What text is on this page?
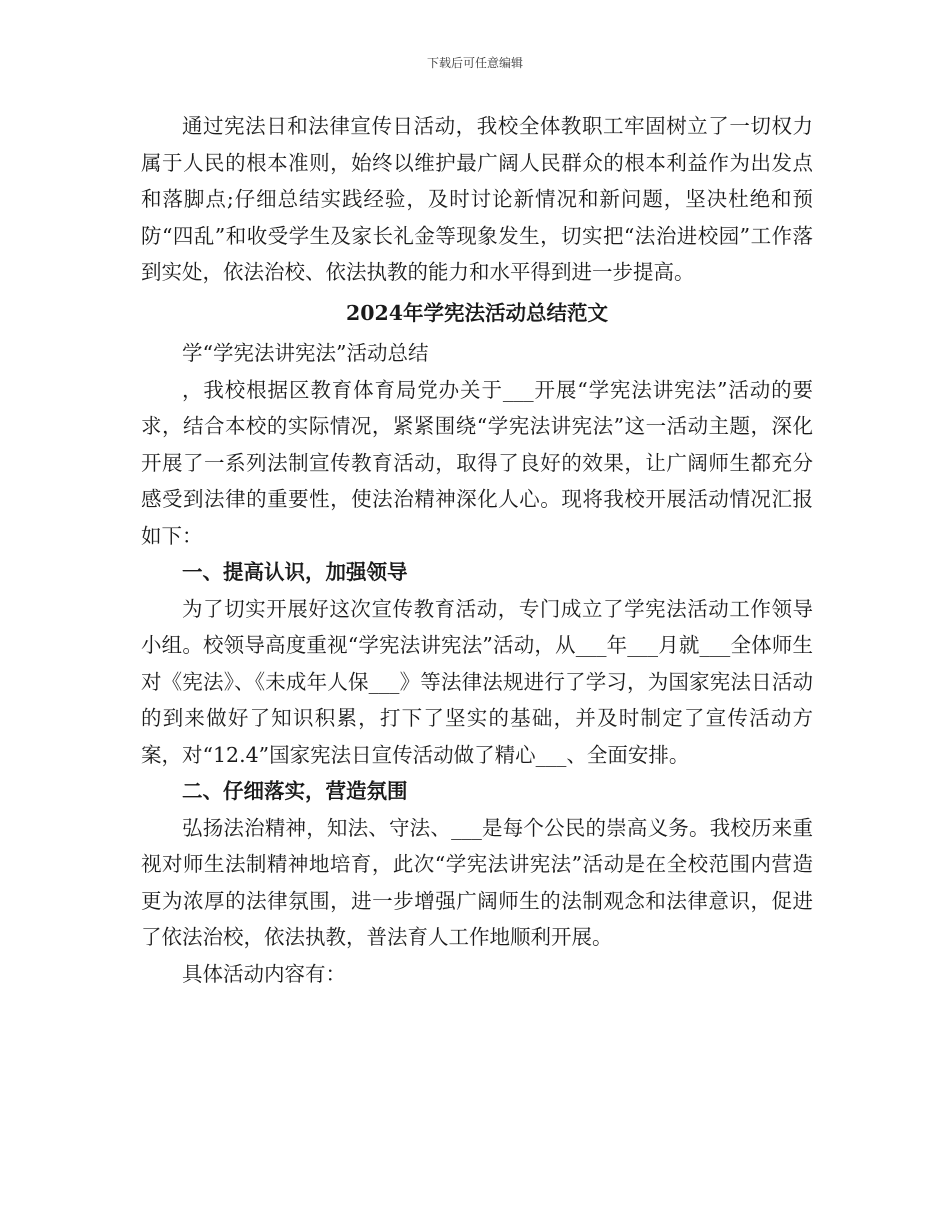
下载后可任意编辑

通过宪法日和法律宣传日活动，我校全体教职工牢固树立了一切权力属于人民的根本准则，始终以维护最广阔人民群众的根本利益作为出发点和落脚点;仔细总结实践经验，及时讨论新情况和新问题，坚决杜绝和预防“四乱”和收受学生及家长礼金等现象发生，切实把“法治进校园”工作落到实处，依法治校、依法执教的能力和水平得到进一步提高。

2024年学宪法活动总结范文

学“学宪法讲宪法”活动总结

，我校根据区教育体育局党办关于___开展“学宪法讲宪法”活动的要求，结合本校的实际情况，紧紧围绕“学宪法讲宪法”这一活动主题，深化开展了一系列法制宣传教育活动，取得了良好的效果，让广阔师生都充分感受到法律的重要性，使法治精神深化人心。现将我校开展活动情况汇报如下：

一、提高认识，加强领导

为了切实开展好这次宣传教育活动，专门成立了学宪法活动工作领导小组。校领导高度重视“学宪法讲宪法”活动，从___年___月就___全体师生对《宪法》、《未成年人保___》等法律法规进行了学习，为国家宪法日活动的到来做好了知识积累，打下了坚实的基础，并及时制定了宣传活动方案，对“12.4”国家宪法日宣传活动做了精心___、全面安排。

二、仔细落实，营造氛围

弘扬法治精神，知法、守法、___是每个公民的崇高义务。我校历来重视对师生法制精神地培育，此次“学宪法讲宪法”活动是在全校范围内营造更为浓厚的法律氛围，进一步增强广阔师生的法制观念和法律意识，促进了依法治校，依法执教，普法育人工作地顺利开展。

具体活动内容有：
